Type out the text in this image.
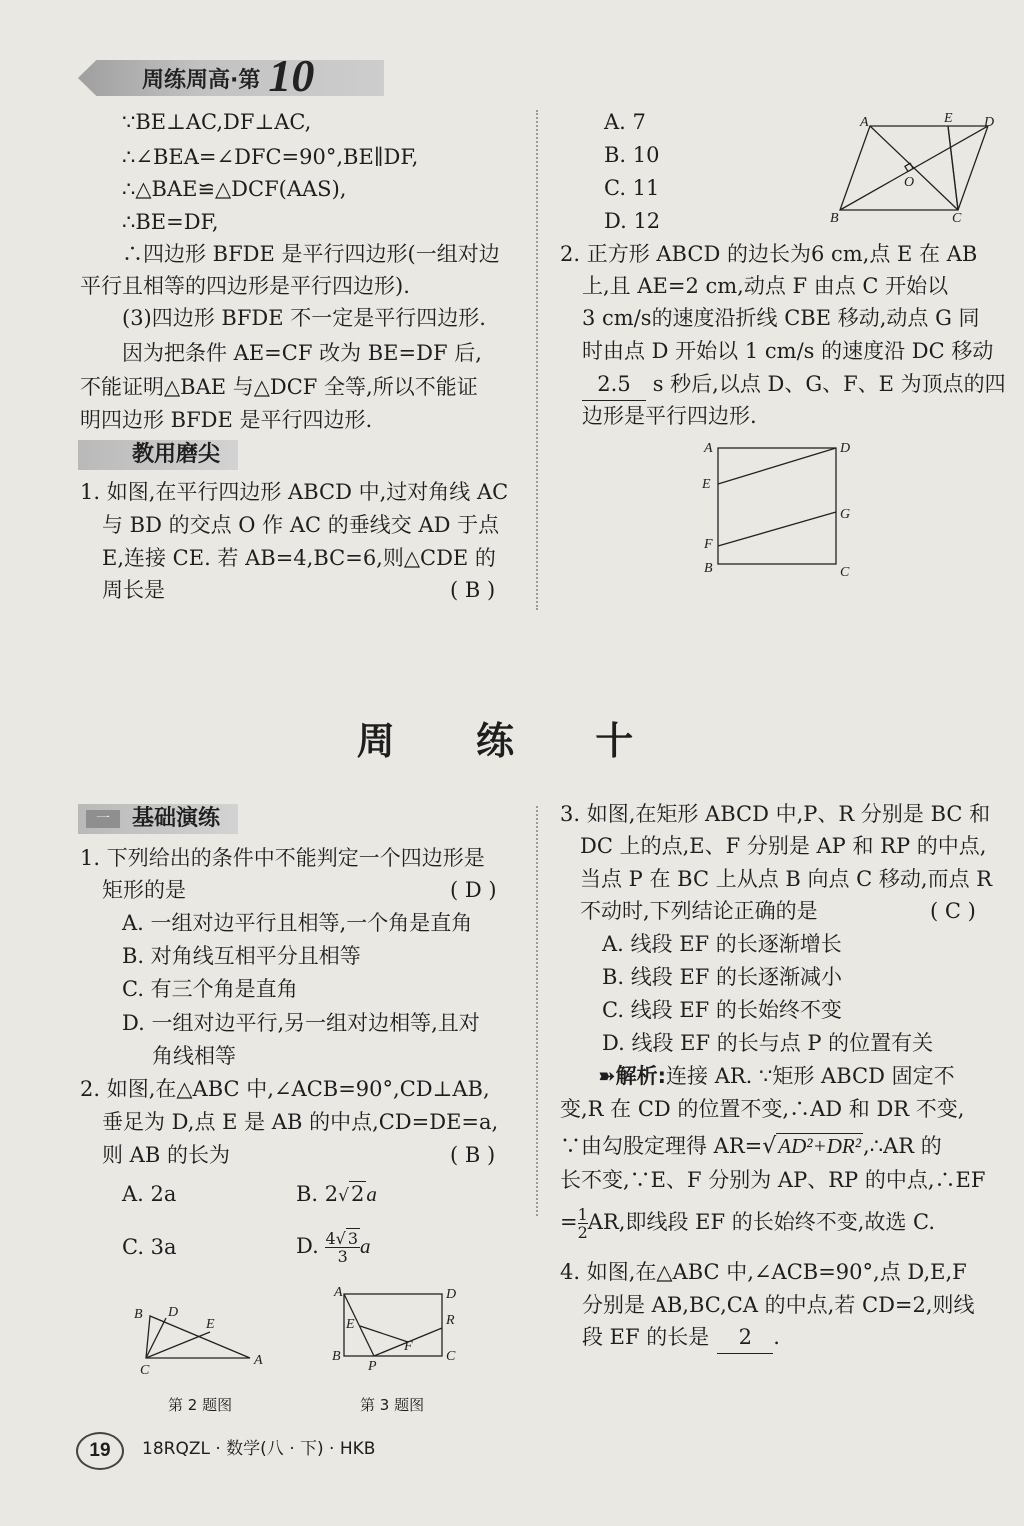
周练周高·第 10
∵BE⊥AC,DF⊥AC,
∴∠BEA=∠DFC=90°,BE∥DF,
∴△BAE≌△DCF(AAS),
∴BE=DF,
∴四边形 BFDE 是平行四边形(一组对边
平行且相等的四边形是平行四边形).
(3)四边形 BFDE 不一定是平行四边形.
因为把条件 AE=CF 改为 BE=DF 后,
不能证明△BAE 与△DCF 全等,所以不能证
明四边形 BFDE 是平行四边形.
教用磨尖
1. 如图,在平行四边形 ABCD 中,过对角线 AC
与 BD 的交点 O 作 AC 的垂线交 AD 于点
E,连接 CE. 若 AB=4,BC=6,则△CDE 的
周长是	( B )
A. 7
B. 10
C. 11
D. 12
A	E D
O
B	C
2. 正方形 ABCD 的边长为6 cm,点 E 在 AB
上,且 AE=2 cm,动点 F 由点 C 开始以
3 cm/s的速度沿折线 CBE 移动,动点 G 同
时由点 D 开始以 1 cm/s 的速度沿 DC 移动
2.5 s 秒后,以点 D、G、F、E 为顶点的四
边形是平行四边形.
A	D
E
G
F
B	C
周 练 十
一	基础演练
1. 下列给出的条件中不能判定一个四边形是
矩形的是	( D )
A. 一组对边平行且相等,一个角是直角
B. 对角线互相平分且相等
C. 有三个角是直角
D. 一组对边平行,另一组对边相等,且对
角线相等
2. 如图,在△ABC 中,∠ACB=90°,CD⊥AB,
垂足为 D,点 E 是 AB 的中点,CD=DE=a,
则 AB 的长为	( B )
A. 2a	B. 2√2a
C. 3a	D. $\frac{4√ 3}{3}$ a
B D
E
C
A
第 2 题图
A	D
E	R
F
B
P
C
第 3 题图
3. 如图,在矩形 ABCD 中,P、R 分别是 BC 和
DC 上的点,E、F 分别是 AP 和 RP 的中点,
当点 P 在 BC 上从点 B 向点 C 移动,而点 R
不动时,下列结论正确的是	( C )
A. 线段 EF 的长逐渐增长
B. 线段 EF 的长逐渐减小
C. 线段 EF 的长始终不变
D. 线段 EF 的长与点 P 的位置有关
➽解析:连接 AR. ∵矩形 ABCD 固定不
变,R 在 CD 的位置不变,∴AD 和 DR 不变,
∵由勾股定理得 AR=√AD²+DR²,∴AR 的
长不变,∵E、F 分别为 AP、RP 的中点,∴EF
= $\frac{1}{2}$ AR,即线段 EF 的长始终不变,故选 C.
4. 如图,在△ABC 中,∠ACB=90°,点 D,E,F
分别是 AB,BC,CA 的中点,若 CD=2,则线
段 EF 的长是 2 .
19	18RQZL · 数学(八 · 下) · HKB
